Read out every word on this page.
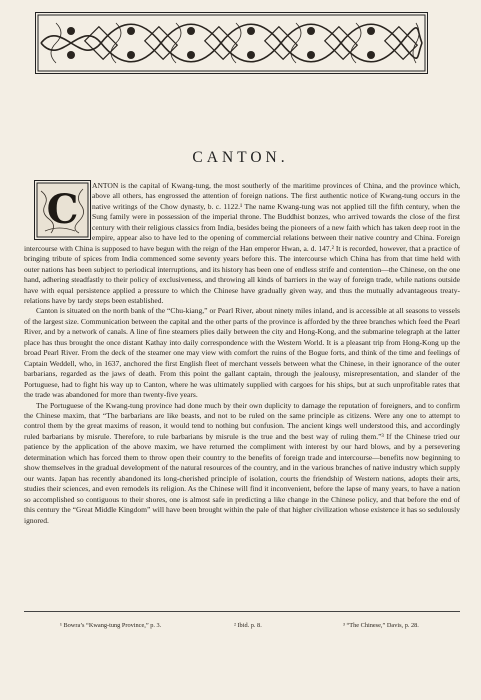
CANTON.
C

ANTON is the capital of Kwang-tung, the most southerly of the maritime provinces of China, and the province which, above all others, has engrossed the attention of foreign nations. The first authentic notice of Kwang-tung occurs in the native writings of the Chow dynasty, b. c. 1122.¹ The name Kwang-tung was not applied till the fifth century, when the Sung family were in possession of the imperial throne. The Buddhist bonzes, who arrived towards the close of the first century with their religious classics from India, besides being the pioneers of a new faith which has taken deep root in the empire, appear also to have led to the opening of commercial relations between their native country and China. Foreign intercourse with China is supposed to have begun with the reign of the Han emperor Hwan, a. d. 147.² It is recorded, however, that a practice of bringing tribute of spices from India commenced some seventy years before this. The intercourse which China has from that time held with outer nations has been subject to periodical interruptions, and its history has been one of endless strife and contention—the Chinese, on the one hand, adhering steadfastly to their policy of exclusiveness, and throwing all kinds of barriers in the way of foreign trade, while nations outside have with equal persistence applied a pressure to which the Chinese have gradually given way, and thus the mutually advantageous treaty-relations have by tardy steps been established.

Canton is situated on the north bank of the “Chu-kiang,” or Pearl River, about ninety miles inland, and is accessible at all seasons to vessels of the largest size. Communication between the capital and the other parts of the province is afforded by the three branches which feed the Pearl River, and by a network of canals. A line of fine steamers plies daily between the city and Hong-Kong, and the submarine telegraph at the latter place has thus brought the once distant Kathay into daily correspondence with the Western World. It is a pleasant trip from Hong-Kong up the broad Pearl River. From the deck of the steamer one may view with comfort the ruins of the Bogue forts, and think of the time and feelings of Captain Weddell, who, in 1637, anchored the first English fleet of merchant vessels between what the Chinese, in their ignorance of the outer barbarians, regarded as the jaws of death. From this point the gallant captain, through the jealousy, misrepresentation, and slander of the Portuguese, had to fight his way up to Canton, where he was ultimately supplied with cargoes for his ships, but at such unprofitable rates that the trade was abandoned for more than twenty-five years.

The Portuguese of the Kwang-tung province had done much by their own duplicity to damage the reputation of foreigners, and to confirm the Chinese maxim, that “The barbarians are like beasts, and not to be ruled on the same principle as citizens. Were any one to attempt to control them by the great maxims of reason, it would tend to nothing but confusion. The ancient kings well understood this, and accordingly ruled barbarians by misrule. Therefore, to rule barbarians by misrule is the true and the best way of ruling them.”³ If the Chinese tried our patience by the application of the above maxim, we have returned the compliment with interest by our hard blows, and by a persevering determination which has forced them to throw open their country to the benefits of foreign trade and intercourse—benefits now beginning to show themselves in the gradual development of the natural resources of the country, and in the various branches of native industry which supply our wants. Japan has recently abandoned its long-cherished principle of isolation, courts the friendship of Western nations, adopts their arts, studies their sciences, and even remodels its religion. As the Chinese will find it inconvenient, before the lapse of many years, to have a nation so accomplished so contiguous to their shores, one is almost safe in predicting a like change in the Chinese policy, and that before the end of this century the “Great Middle Kingdom” will have been brought within the pale of that higher civilization whose existence it has so sedulously ignored.

¹ Bowra’s “Kwang-tung Province,” p. 3.	² Ibid. p. 8.	³ “The Chinese,” Davis, p. 28.
